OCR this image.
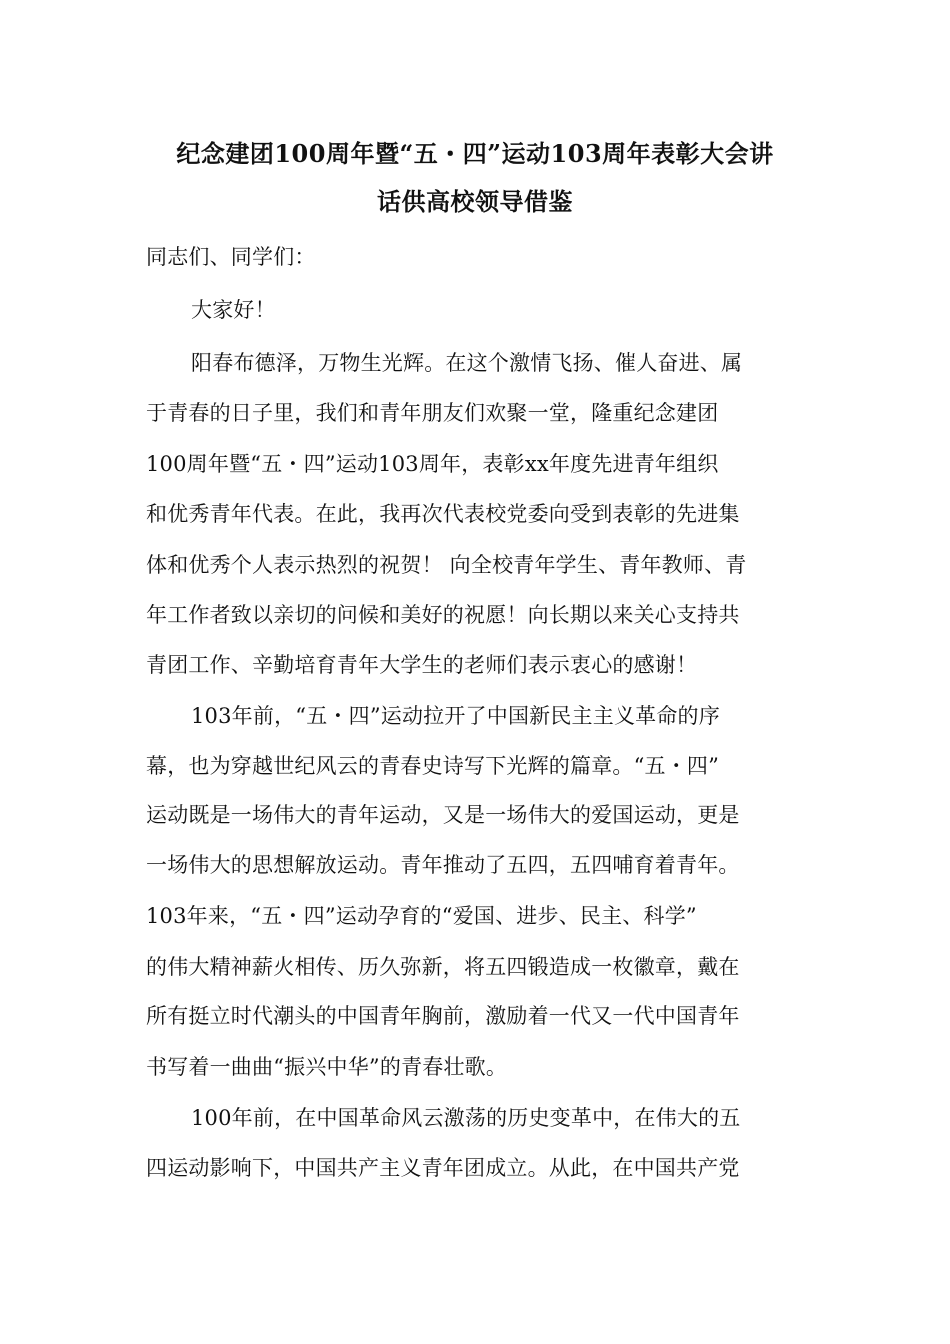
纪念建团100周年暨“五・四”运动103周年表彰大会讲
话供高校领导借鉴
同志们、同学们：
大家好！
阳春布德泽，万物生光辉。在这个激情飞扬、催人奋进、属
于青春的日子里，我们和青年朋友们欢聚一堂，隆重纪念建团
100周年暨“五・四”运动103周年，表彰xx年度先进青年组织
和优秀青年代表。在此，我再次代表校党委向受到表彰的先进集
体和优秀个人表示热烈的祝贺！ 向全校青年学生、青年教师、青
年工作者致以亲切的问候和美好的祝愿！向长期以来关心支持共
青团工作、辛勤培育青年大学生的老师们表示衷心的感谢！
103年前，“五・四”运动拉开了中国新民主主义革命的序
幕，也为穿越世纪风云的青春史诗写下光辉的篇章。“五・四”
运动既是一场伟大的青年运动，又是一场伟大的爱国运动，更是
一场伟大的思想解放运动。青年推动了五四，五四哺育着青年。
103年来，“五・四”运动孕育的“爱国、进步、民主、科学”
的伟大精神薪火相传、历久弥新，将五四锻造成一枚徽章，戴在
所有挺立时代潮头的中国青年胸前，激励着一代又一代中国青年
书写着一曲曲“振兴中华”的青春壮歌。
100年前，在中国革命风云激荡的历史变革中，在伟大的五
四运动影响下，中国共产主义青年团成立。从此，在中国共产党
